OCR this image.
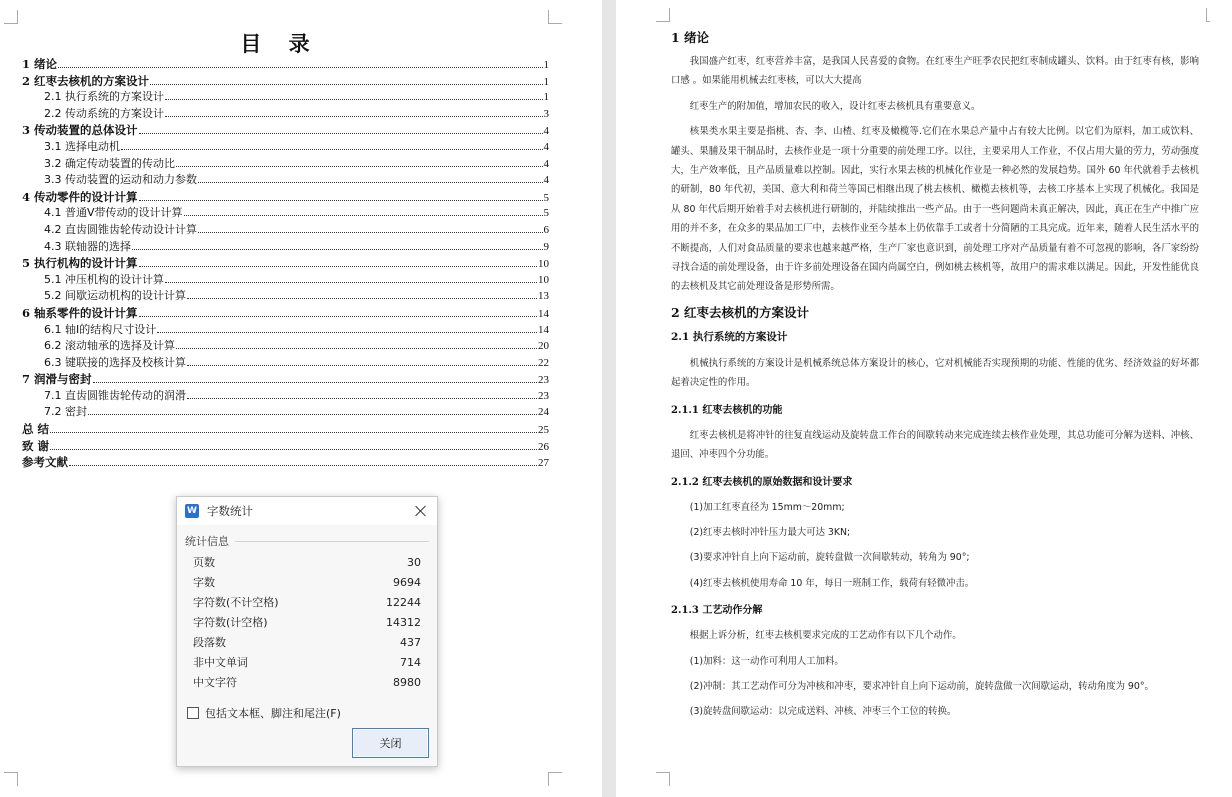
目 录
1 绪论	1
2 红枣去核机的方案设计	1
2.1 执行系统的方案设计	1
2.2 传动系统的方案设计	3
3 传动装置的总体设计	4
3.1 选择电动机	4
3.2 确定传动装置的传动比	4
3.3 传动装置的运动和动力参数	4
4 传动零件的设计计算	5
4.1 普通V带传动的设计计算	5
4.2 直齿圆锥齿轮传动设计计算	6
4.3 联轴器的选择	9
5 执行机构的设计计算	10
5.1 冲压机构的设计计算	10
5.2 间歇运动机构的设计计算	13
6 轴系零件的设计计算	14
6.1 轴Ⅰ的结构尺寸设计	14
6.2 滚动轴承的选择及计算	20
6.3 键联接的选择及校核计算	22
7 润滑与密封	23
7.1 直齿圆锥齿轮传动的润滑	23
7.2 密封	24
总 结	25
致 谢	26
参考文献	27
1 绪论
我国盛产红枣，红枣营养丰富，是我国人民喜爱的食物。在红枣生产旺季农民把红枣制成罐头、饮料。由于红枣有核，影响口感 。如果能用机械去红枣核，可以大大提高
红枣生产的附加值，增加农民的收入，设计红枣去核机具有重要意义。
核果类水果主要是指桃、杏、李、山楂、红枣及橄榄等.它们在水果总产量中占有较大比例。以它们为原料，加工成饮料、罐头、果脯及果干制品时，去核作业是一项十分重要的前处理工序。以往，主要采用人工作业，不仅占用大量的劳力，劳动强度大，生产效率低，且产品质量难以控制。因此，实行水果去核的机械化作业是一种必然的发展趋势。国外 60 年代就着手去核机的研制，80 年代初，美国、意大利和荷兰等国已相继出现了桃去核机、橄榄去核机等，去核工序基本上实现了机械化。我国是从 80 年代后期开始着手对去核机进行研制的，并陆续推出一些产品。由于一些问题尚未真正解决，因此，真正在生产中推广应用的并不多，在众多的果品加工厂中，去核作业至今基本上仍依靠手工或者十分简陋的工具完成。近年来，随着人民生活水平的不断提高，人们对食品质量的要求也越来越严格，生产厂家也意识到，前处理工序对产品质量有着不可忽视的影响，各厂家纷纷寻找合适的前处理设备，由于许多前处理设备在国内尚属空白，例如桃去核机等，故用户的需求难以满足。因此，开发性能优良的去核机及其它前处理设备是形势所需。
2 红枣去核机的方案设计
2.1 执行系统的方案设计
机械执行系统的方案设计是机械系统总体方案设计的核心，它对机械能否实现预期的功能、性能的优劣、经济效益的好坏都起着决定性的作用。
2.1.1 红枣去核机的功能
红枣去核机是将冲针的往复直线运动及旋转盘工作台的间歇转动来完成连续去核作业处理，其总功能可分解为送料、冲核、退回、冲枣四个分功能。
2.1.2 红枣去核机的原始数据和设计要求
(1)加工红枣直径为 15mm～20mm;
(2)红枣去核时冲针压力最大可达 3KN;
(3)要求冲针自上向下运动前，旋转盘做一次间歇转动，转角为 90°;
(4)红枣去核机使用寿命 10 年，每日一班制工作，载荷有轻微冲击。
2.1.3 工艺动作分解
根据上诉分析，红枣去核机要求完成的工艺动作有以下几个动作。
(1)加料：这一动作可利用人工加料。
(2)冲制：其工艺动作可分为冲核和冲枣，要求冲针自上向下运动前，旋转盘做一次间歇运动，转动角度为 90°。
(3)旋转盘间歇运动：以完成送料、冲核、冲枣三个工位的转换。
W 字数统计
统计信息
页数	30
字数	9694
字符数(不计空格)	12244
字符数(计空格)	14312
段落数	437
非中文单词	714
中文字符	8980
包括文本框、脚注和尾注(F)
关闭
